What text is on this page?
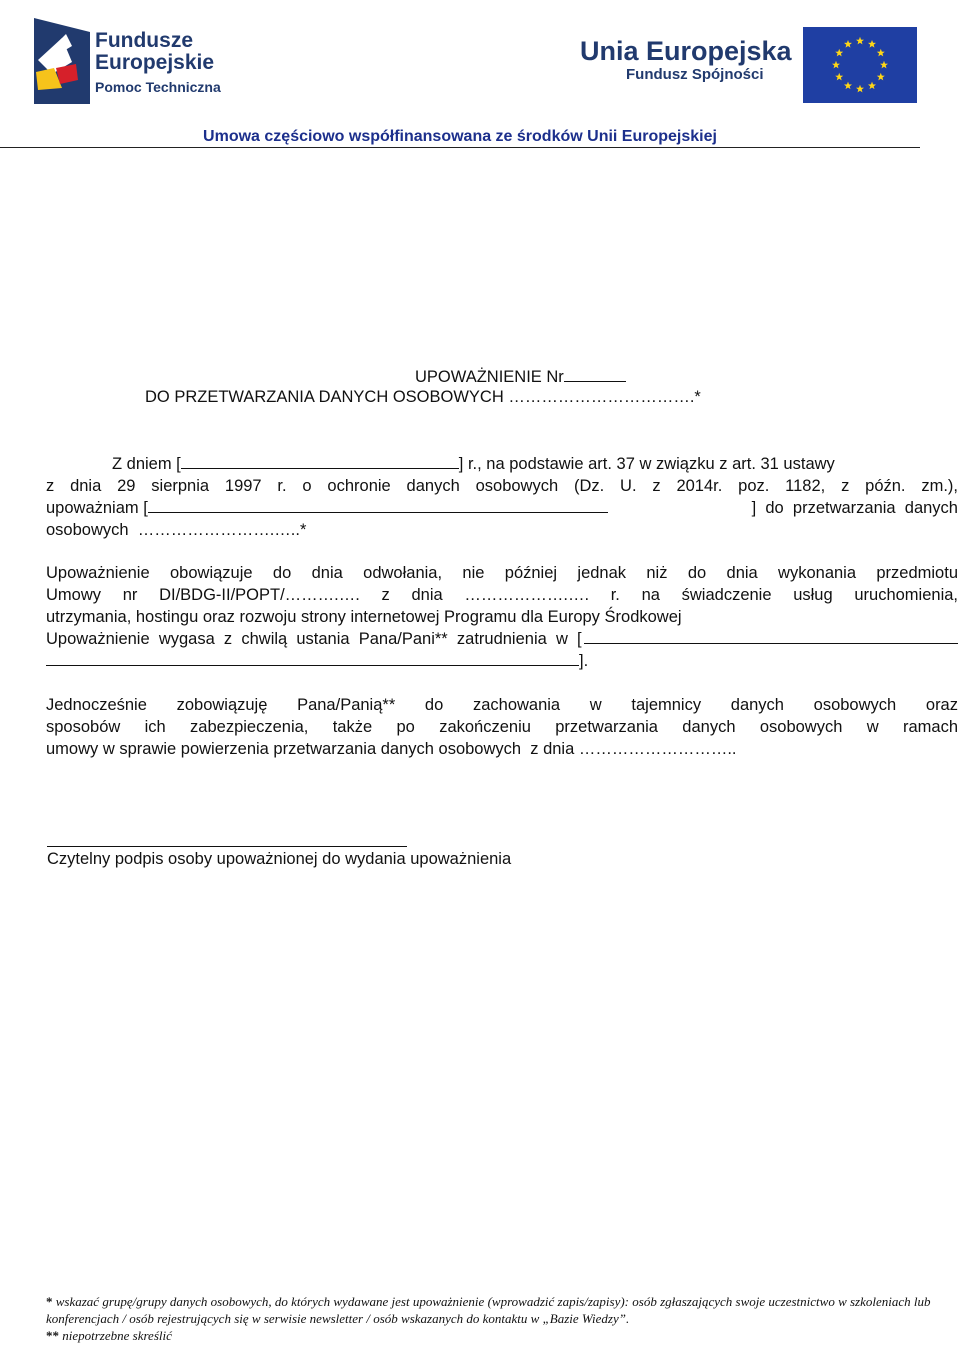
Fundusze
Europejskie
Pomoc Techniczna
Unia Europejska
Fundusz Spójności
Umowa częściowo współfinansowana ze środków Unii Europejskiej
UPOWAŻNIENIE Nr
DO PRZETWARZANIA DANYCH OSOBOWYCH …………………………….*
Z dniem [	] r., na podstawie art. 37 w związku z art. 31 ustawy
z dnia 29 sierpnia 1997 r. o ochronie danych osobowych (Dz. U. z 2014r. poz. 1182, z późn. zm.),
upoważniam [	]  do  przetwarzania  danych
osobowych  …………………….…..*
Upoważnienie obowiązuje do dnia odwołania, nie później jednak niż do dnia wykonania przedmiotu
Umowy nr DI/BDG-II/POPT/……….…. z dnia ……………….…. r. na świadczenie usług uruchomienia,
utrzymania, hostingu oraz rozwoju strony internetowej Programu dla Europy Środkowej
Upoważnienie  wygasa  z  chwilą  ustania  Pana/Pani**  zatrudnienia  w  [
].
Jednocześnie zobowiązuję Pana/Panią** do zachowania w tajemnicy danych osobowych oraz
sposobów ich zabezpieczenia, także po zakończeniu przetwarzania danych osobowych w ramach
umowy w sprawie powierzenia przetwarzania danych osobowych  z dnia ………………………..
Czytelny podpis osoby upoważnionej do wydania upoważnienia
* wskazać grupę/grupy danych osobowych, do których wydawane jest upoważnienie (wprowadzić zapis/zapisy): osób zgłaszających swoje uczestnictwo w szkoleniach lub konferencjach / osób rejestrujących się w serwisie newsletter / osób wskazanych do kontaktu w „Bazie Wiedzy”.
** niepotrzebne skreślić
